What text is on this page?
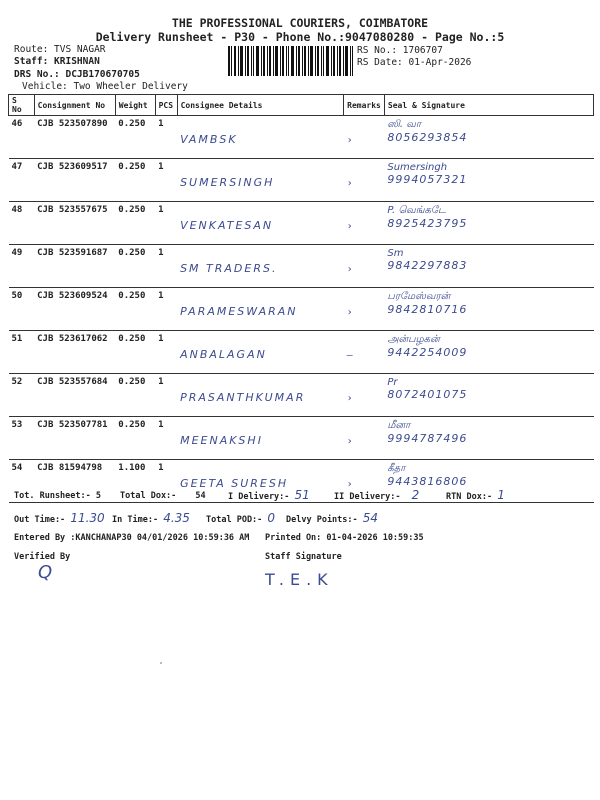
THE PROFESSIONAL COURIERS, COIMBATORE
Delivery Runsheet - P30 - Phone No.:9047080280 - Page No.:5
Route: TVS NAGAR
Staff: KRISHNAN
DRS No.: DCJB170670705
Vehicle: Two Wheeler Delivery
RS No.: 1706707
RS Date: 01-Apr-2026
S No	Consignment No	Weight	PCS	Consignee Details	Remarks	Seal & Signature
46	CJB 523507890	0.250	1	VAMBSK	›	ஸி. வா
8056293854

47	CJB 523609517	0.250	1	SUMERSINGH	›	Sumersingh
9994057321

48	CJB 523557675	0.250	1	VENKATESAN	›	P. வெங்கடே
8925423795

49	CJB 523591687	0.250	1	SM TRADERS.	›	Sm
9842297883

50	CJB 523609524	0.250	1	PARAMESWARAN	›	பரமேஸ்வரன்
9842810716

51	CJB 523617062	0.250	1	ANBALAGAN	–	அன்பழகன்
9442254009

52	CJB 523557684	0.250	1	PRASANTHKUMAR	›	Pr
8072401075

53	CJB 523507781	0.250	1	MEENAKSHI	›	மீனா
9994787496

54	CJB 81594798	1.100	1	GEETA SURESH	›	கீதா
9443816806
Tot. Runsheet:- 5 Total Dox:- 54	I Delivery:- 51	II Delivery:- 2	RTN Dox:- 1
Out Time:- 11.30 In Time:- 4.35 Total POD:- 0 Delvy Points:- 54
Entered By :KANCHANAP30 04/01/2026 10:59:36 AM Printed On: 01-04-2026 10:59:35
Verified By	Staff Signature
Q	T.E.K
